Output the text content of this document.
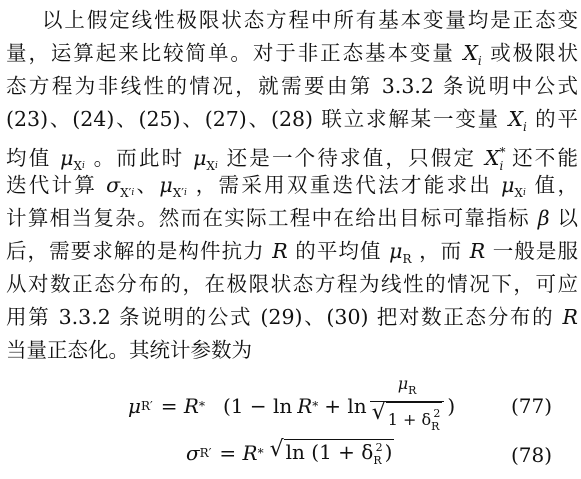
以上假定线性极限状态方程中所有基本变量均是正态变
量，运算起来比较简单。对于非正态基本变量 $X_i$ 或极限状
态方程为非线性的情况，就需要由第 3.3.2 条说明中公式
(23)、(24)、(25)、(27)、(28) 联立求解某一变量 $X_i$ 的平
均值 $\mu_Xi$ 。而此时 $\mu_Xi$ 还是一个待求值，只假定 $X^*_i$ 还不能
迭代计算 $\sigma_{X'}i$、$\mu_{X'}i$ ，需采用双重迭代法才能求出 $\mu_Xi$ 值，
计算相当复杂。然而在实际工程中在给出目标可靠指标 β 以
后，需要求解的是构件抗力 R 的平均值 $\mu_R$ ，而 R 一般是服
从对数正态分布的，在极限状态方程为线性的情况下，可应
用第 3.3.2 条说明的公式 (29)、(30) 把对数正态分布的 R
当量正态化。其统计参数为
μ R′ = R * (1 − ln R * + $\ln \frac{\mu_R}{√ 1 + \delta_R^2}$ )	(77)
σ R′ = R * √ $\ln (1 + \delta_R^2$ )	(78)
